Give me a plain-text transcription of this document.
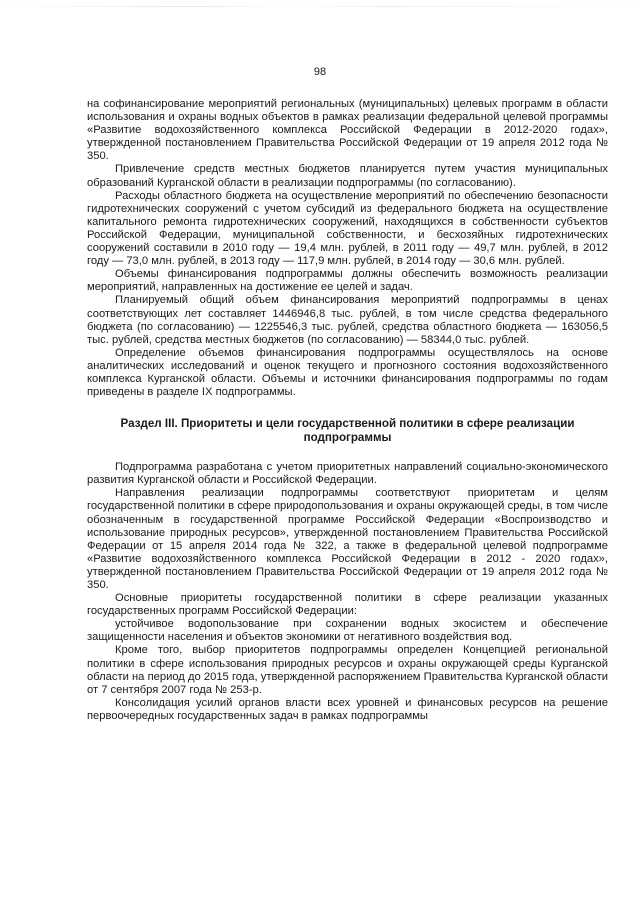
98

на софинансирование мероприятий региональных (муниципальных) целевых программ в области использования и охраны водных объектов в рамках реализации федеральной целевой программы «Развитие водохозяйственного комплекса Российской Федерации в 2012-2020 годах», утвержденной постановлением Правительства Российской Федерации от 19 апреля 2012 года № 350.

Привлечение средств местных бюджетов планируется путем участия муниципальных образований Курганской области в реализации подпрограммы (по согласованию).

Расходы областного бюджета на осуществление мероприятий по обеспечению безопасности гидротехнических сооружений с учетом субсидий из федерального бюджета на осуществление капитального ремонта гидротехнических сооружений, находящихся в собственности субъектов Российской Федерации, муниципальной собственности, и бесхозяйных гидротехнических сооружений составили в 2010 году — 19,4 млн. рублей, в 2011 году — 49,7 млн. рублей, в 2012 году — 73,0 млн. рублей, в 2013 году — 117,9 млн. рублей, в 2014 году — 30,6 млн. рублей.

Объемы финансирования подпрограммы должны обеспечить возможность реализации мероприятий, направленных на достижение ее целей и задач.

Планируемый общий объем финансирования мероприятий подпрограммы в ценах соответствующих лет составляет 1446946,8 тыс. рублей, в том числе средства федерального бюджета (по согласованию) — 1225546,3 тыс. рублей, средства областного бюджета — 163056,5 тыс. рублей, средства местных бюджетов (по согласованию) — 58344,0 тыс. рублей.

Определение объемов финансирования подпрограммы осуществлялось на основе аналитических исследований и оценок текущего и прогнозного состояния водохозяйственного комплекса Курганской области. Объемы и источники финансирования подпрограммы по годам приведены в разделе IX подпрограммы.

Раздел III. Приоритеты и цели государственной политики в сфере реализации подпрограммы

Подпрограмма разработана с учетом приоритетных направлений социально-экономического развития Курганской области и Российской Федерации.

Направления реализации подпрограммы соответствуют приоритетам и целям государственной политики в сфере природопользования и охраны окружающей среды, в том числе обозначенным в государственной программе Российской Федерации «Воспроизводство и использование природных ресурсов», утвержденной постановлением Правительства Российской Федерации от 15 апреля 2014 года № 322, а также в федеральной целевой подпрограмме «Развитие водохозяйственного комплекса Российской Федерации в 2012 - 2020 годах», утвержденной постановлением Правительства Российской Федерации от 19 апреля 2012 года № 350.

Основные приоритеты государственной политики в сфере реализации указанных государственных программ Российской Федерации:

устойчивое водопользование при сохранении водных экосистем и обеспечение защищенности населения и объектов экономики от негативного воздействия вод.

Кроме того, выбор приоритетов подпрограммы определен Концепцией региональной политики в сфере использования природных ресурсов и охраны окружающей среды Курганской области на период до 2015 года, утвержденной распоряжением Правительства Курганской области от 7 сентября 2007 года № 253-р.

Консолидация усилий органов власти всех уровней и финансовых ресурсов на решение первоочередных государственных задач в рамках подпрограммы
